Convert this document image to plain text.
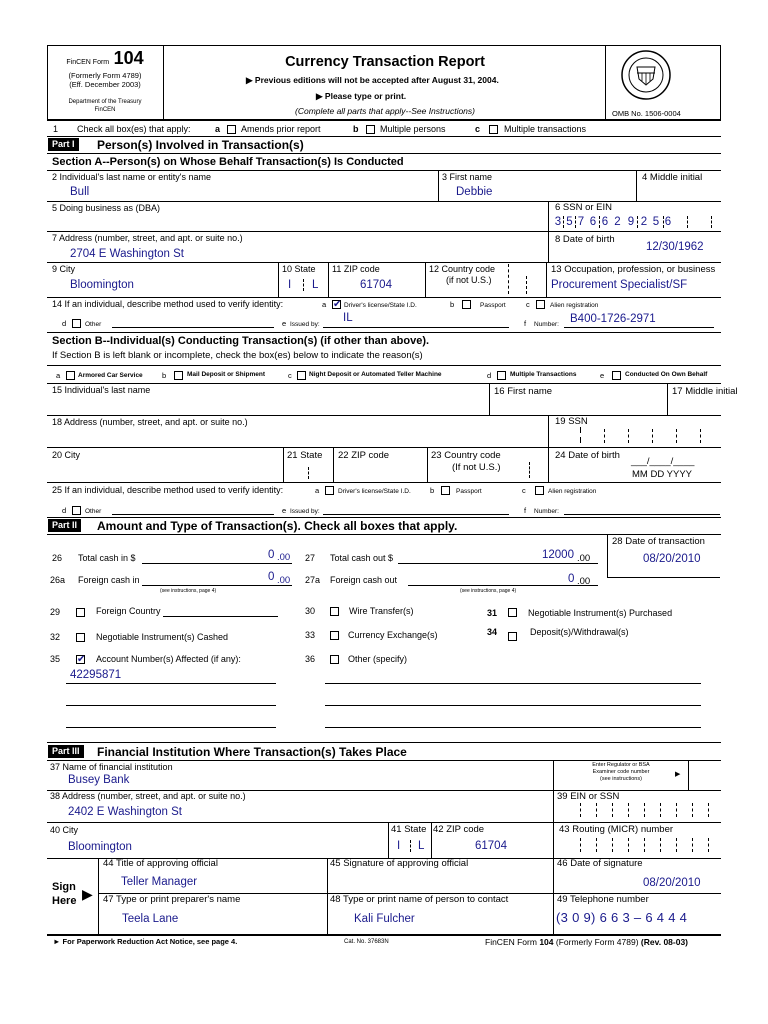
FinCEN Form 104
(Formerly Form 4789)
(Eff. December 2003)
Department of the Treasury
FinCEN
Currency Transaction Report
▶ Previous editions will not be accepted after August 31, 2004.
▶ Please type or print.
(Complete all parts that apply--See Instructions)	OMB No. 1506-0004
1 Check all box(es) that apply:	a Amends prior report	b Multiple persons	c	Multiple transactions
Part I	Person(s) Involved in Transaction(s)
Section A--Person(s) on Whose Behalf Transaction(s) Is Conducted
2 Individual's last name or entity's name
Bull
3 First name
Debbie
4 Middle initial
5 Doing business as (DBA)	6 SSN or EIN
3 5 7 6 6 2 9 2 5 6
7 Address (number, street, and apt. or suite no.)
2704 E Washington St
8 Date of birth
12/30/1962
9 City
Bloomington
10 State
I L
11 ZIP code
61704
12 Country code
(if not U.S.)
13 Occupation, profession, or business
Procurement Specialist/SF
14 If an individual, describe method used to verify identity:	a ✔ Driver's license/State I.D.	b	Passport	c	Alien registration
d	Other	e Issued by:
IL	f Number: B400-1726-2971
Section B--Individual(s) Conducting Transaction(s) (if other than above).
If Section B is left blank or incomplete, check the box(es) below to indicate the reason(s)
a	Armored Car Service	b	Mail Deposit or Shipment	c	Night Deposit or Automated Teller Machine	d	Multiple Transactions	e	Conducted On Own Behalf
15 Individual's last name	16 First name	17 Middle initial
18 Address (number, street, and apt. or suite no.)	19 SSN
20 City	21 State 22 ZIP code	23 Country code
(If not U.S.)
24 Date of birth
___/____/____
MM DD YYYY
25 If an individual, describe method used to verify identity:	a	Driver's license/State I.D.	b	Passport	c	Alien registration
d	Other	e Issued by:	f Number:
Part II	Amount and Type of Transaction(s). Check all boxes that apply.
28 Date of transaction
08/20/2010
26 Total cash in $	0 .00 27 Total cash out $	12000 .00
26a Foreign cash in	0 .00
(see instructions, page 4)
27a Foreign cash out	0 .00
(see instructions, page 4)
29	Foreign Country	30	Wire Transfer(s)	31	Negotiable Instrument(s) Purchased
32	Negotiable Instrument(s) Cashed	33	Currency Exchange(s)	34	Deposit(s)/Withdrawal(s)
35 ✔ Account Number(s) Affected (if any):
42295871
36	Other (specify)
Part III	Financial Institution Where Transaction(s) Takes Place
37 Name of financial institution
Busey Bank
Enter Regulator or BSA
Examiner code number
(see instructions)
▶
38 Address (number, street, and apt. or suite no.)
2402 E Washington St
39 EIN or SSN
40 City
Bloomington
41 State
I L
42 ZIP code
61704
43 Routing (MICR) number
Sign
Here ▶
44 Title of approving official
Teller Manager
45 Signature of approving official	46 Date of signature
08/20/2010
47 Type or print preparer's name
Teela Lane
48 Type or print name of person to contact
Kali Fulcher
49 Telephone number
(3 0 9) 6 6 3 – 6 4 4 4
► For Paperwork Reduction Act Notice, see page 4.	Cat. No. 37683N	FinCEN Form 104 (Formerly Form 4789) (Rev. 08-03)
